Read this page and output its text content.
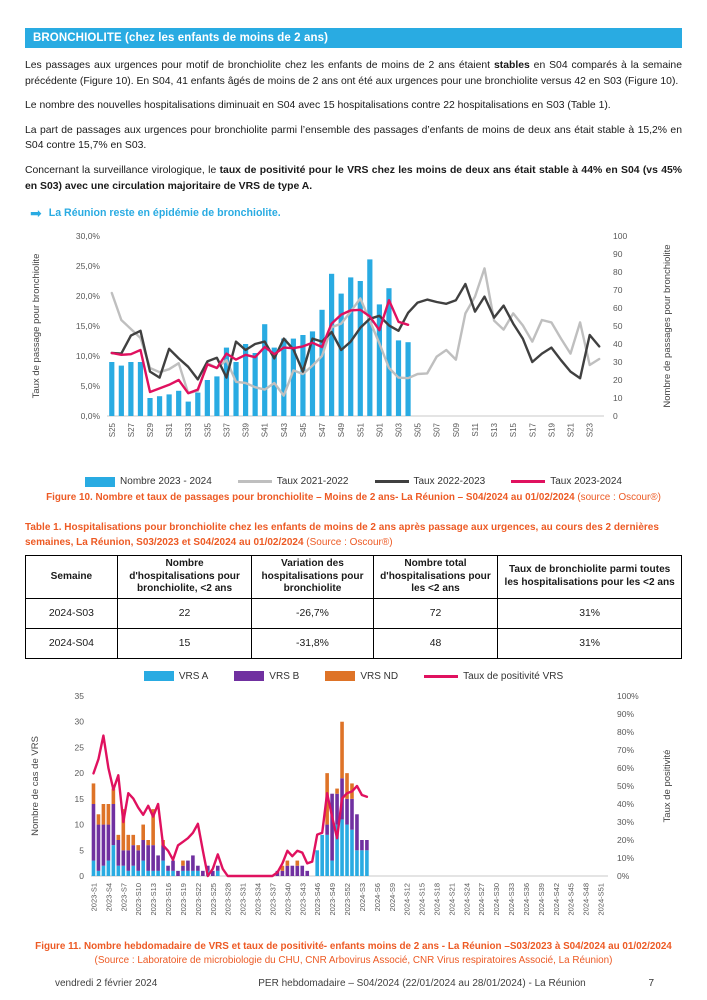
BRONCHIOLITE (chez les enfants de moins de 2 ans)

Les passages aux urgences pour motif de bronchiolite chez les enfants de moins de 2 ans étaient stables en S04 comparés à la semaine précédente (Figure 10). En S04, 41 enfants âgés de moins de 2 ans ont été aux urgences pour une bronchiolite versus 42 en S03 (Figure 10).

Le nombre des nouvelles hospitalisations diminuait en S04 avec 15 hospitalisations contre 22 hospitalisations en S03 (Table 1).

La part de passages aux urgences pour bronchiolite parmi l’ensemble des passages d’enfants de moins de deux ans était stable à 15,2% en S04 contre 15,7% en S03.

Concernant la surveillance virologique, le taux de positivité pour le VRS chez les moins de deux ans était stable à 44% en S04 (vs 45% en S03) avec une circulation majoritaire de VRS de type A.

➡ La Réunion reste en épidémie de bronchiolite.
0,0%
5,0%
10,0%
15,0%
20,0%
25,0%
30,0%
0
10
20
30
40
50
60
70
80
90
100
S25 S27 S29 S31 S33 S35 S37 S39 S41 S43 S45 S47 S49 S51 S01 S03 S05 S07 S09 S11 S13 S15 S17 S19 S21 S23
Taux de passage pour bronchiolite	Nombre de passages pour bronchiolite
Nombre 2023 - 2024	Taux 2021-2022	Taux 2022-2023	Taux 2023-2024

Figure 10. Nombre et taux de passages pour bronchiolite – Moins de 2 ans- La Réunion – S04/2024 au 01/02/2024 (source : Oscour®)

Table 1. Hospitalisations pour bronchiolite chez les enfants de moins de 2 ans après passage aux urgences, au cours des 2 dernières semaines, La Réunion, S03/2023 et S04/2024 au 01/02/2024 (Source : Oscour®)

Semaine	Nombre d'hospitalisations pour bronchiolite, <2 ans	Variation des hospitalisations pour bronchiolite	Nombre total d'hospitalisations pour les <2 ans	Taux de bronchiolite parmi toutes les hospitalisations pour les <2 ans
2024-S03	22	-26,7%	72	31%
2024-S04	15	-31,8%	48	31%
VRS A	VRS B	VRS ND	Taux de positivité VRS
0
5
10
15
20
25
30
35
0%
10%
20%
30%
40%
50%
60%
70%
80%
90%
100%
2023-S1 2023-S4 2023-S7 2023-S10 2023-S13 2023-S16 2023-S19 2023-S22 2023-S25 2023-S28 2023-S31 2023-S34 2023-S37 2023-S40 2023-S43 2023-S46 2023-S49 2023-S52 2024-S3 2024-S6 2024-S9 2024-S12 2024-S15 2024-S18 2024-S21 2024-S24 2024-S27 2024-S30 2024-S33 2024-S36 2024-S39 2024-S42 2024-S45 2024-S48 2024-S51
Nombre de cas de VRS	Taux de positivité

Figure 11. Nombre hebdomadaire de VRS et taux de positivité- enfants moins de 2 ans - La Réunion –S03/2023 à S04/2024 au 01/02/2024
(Source : Laboratoire de microbiologie du CHU, CNR Arbovirus Associé, CNR Virus respiratoires Associé, La Réunion)

vendredi 2 février 2024	PER hebdomadaire – S04/2024 (22/01/2024 au 28/01/2024) - La Réunion	7
